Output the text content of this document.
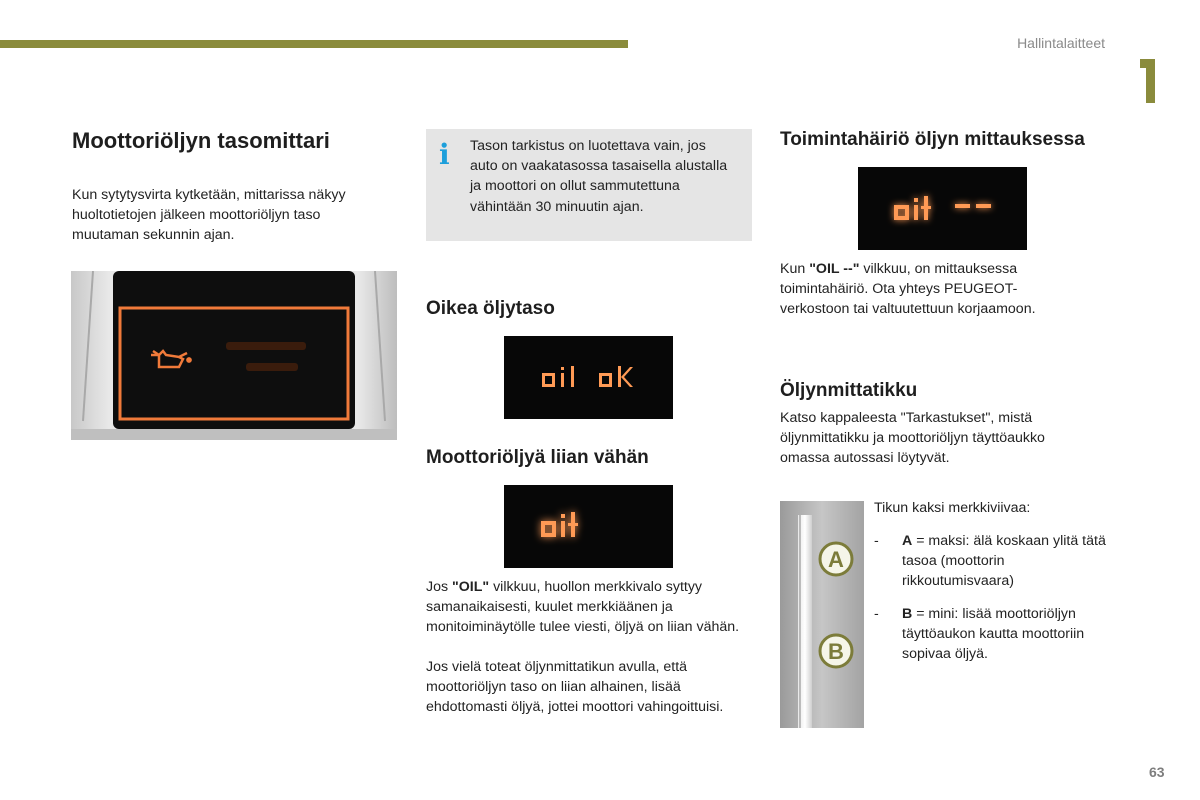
Hallintalaitteet
Moottoriöljyn tasomittari
Kun sytytysvirta kytketään, mittarissa näkyy huoltotietojen jälkeen moottoriöljyn taso muutaman sekunnin ajan.
i Tason tarkistus on luotettava vain, jos
auto on vaakatasossa tasaisella alustalla
ja moottori on ollut sammutettuna
vähintään 30 minuutin ajan.
Oikea öljytaso
Moottoriöljyä liian vähän
Jos "OIL" vilkkuu, huollon merkkivalo syttyy samanaikaisesti, kuulet merkkiäänen ja monitoiminäytölle tulee viesti, öljyä on liian vähän.
Jos vielä toteat öljynmittatikun avulla, että moottoriöljyn taso on liian alhainen, lisää ehdottomasti öljyä, jottei moottori vahingoittuisi.
Toimintahäiriö öljyn mittauksessa
Kun "OIL --" vilkkuu, on mittauksessa toimintahäiriö. Ota yhteys PEUGEOT-verkostoon tai valtuutettuun korjaamoon.
Öljynmittatikku
Katso kappaleesta "Tarkastukset", mistä öljynmittatikku ja moottoriöljyn täyttöaukko omassa autossasi löytyvät.
A
B
Tikun kaksi merkkiviivaa:
-	A = maksi: älä koskaan ylitä tätä tasoa (moottorin rikkoutumisvaara)
-	B = mini: lisää moottoriöljyn täyttöaukon kautta moottoriin sopivaa öljyä.
63
